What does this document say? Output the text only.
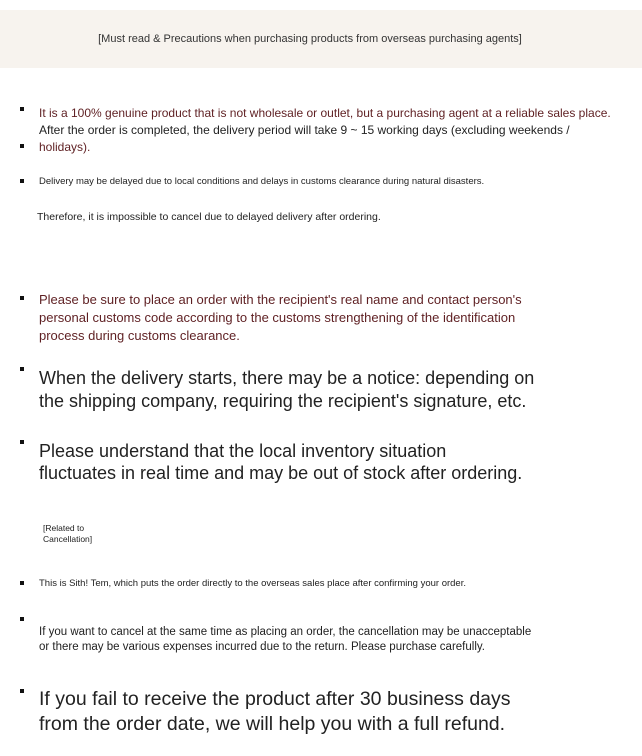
[Must read & Precautions when purchasing products from overseas purchasing agents]

It is a 100% genuine product that is not wholesale or outlet, but a purchasing agent at a reliable sales place.

After the order is completed, the delivery period will take 9 ~ 15 working days (excluding weekends /

holidays).

Delivery may be delayed due to local conditions and delays in customs clearance during natural disasters.

Therefore, it is impossible to cancel due to delayed delivery after ordering.

Please be sure to place an order with the recipient's real name and contact person's

personal customs code according to the customs strengthening of the identification

process during customs clearance.

When the delivery starts, there may be a notice: depending on

the shipping company, requiring the recipient's signature, etc.

Please understand that the local inventory situation

fluctuates in real time and may be out of stock after ordering.

[Related to

Cancellation]

This is Sith! Tem, which puts the order directly to the overseas sales place after confirming your order.

If you want to cancel at the same time as placing an order, the cancellation may be unacceptable

or there may be various expenses incurred due to the return. Please purchase carefully.

If you fail to receive the product after 30 business days

from the order date, we will help you with a full refund.
